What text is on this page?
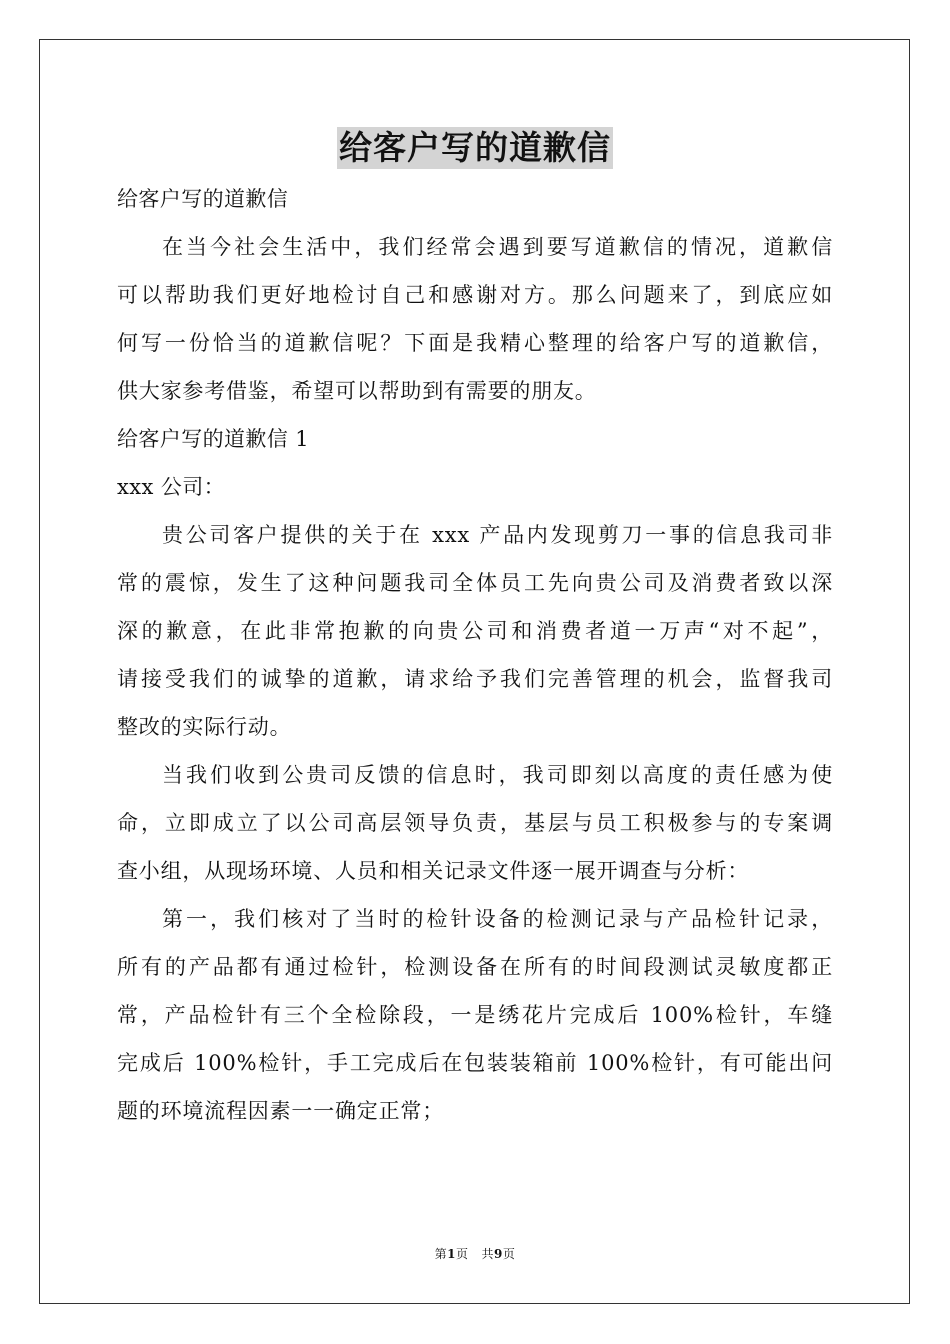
给客户写的道歉信
给客户写的道歉信
在当今社会生活中，我们经常会遇到要写道歉信的情况，道歉信
可以帮助我们更好地检讨自己和感谢对方。那么问题来了，到底应如
何写一份恰当的道歉信呢？下面是我精心整理的给客户写的道歉信，
供大家参考借鉴，希望可以帮助到有需要的朋友。
给客户写的道歉信 1
xxx 公司：
贵公司客户提供的关于在 xxx 产品内发现剪刀一事的信息我司非
常的震惊，发生了这种问题我司全体员工先向贵公司及消费者致以深
深的歉意，在此非常抱歉的向贵公司和消费者道一万声“对不起”，
请接受我们的诚挚的道歉，请求给予我们完善管理的机会，监督我司
整改的实际行动。
当我们收到公贵司反馈的信息时，我司即刻以高度的责任感为使
命，立即成立了以公司高层领导负责，基层与员工积极参与的专案调
查小组，从现场环境、人员和相关记录文件逐一展开调查与分析：
第一，我们核对了当时的检针设备的检测记录与产品检针记录，
所有的产品都有通过检针，检测设备在所有的时间段测试灵敏度都正
常，产品检针有三个全检除段，一是绣花片完成后 100%检针，车缝
完成后 100%检针，手工完成后在包装装箱前 100%检针，有可能出问
题的环境流程因素一一确定正常；
第1页 共9页
